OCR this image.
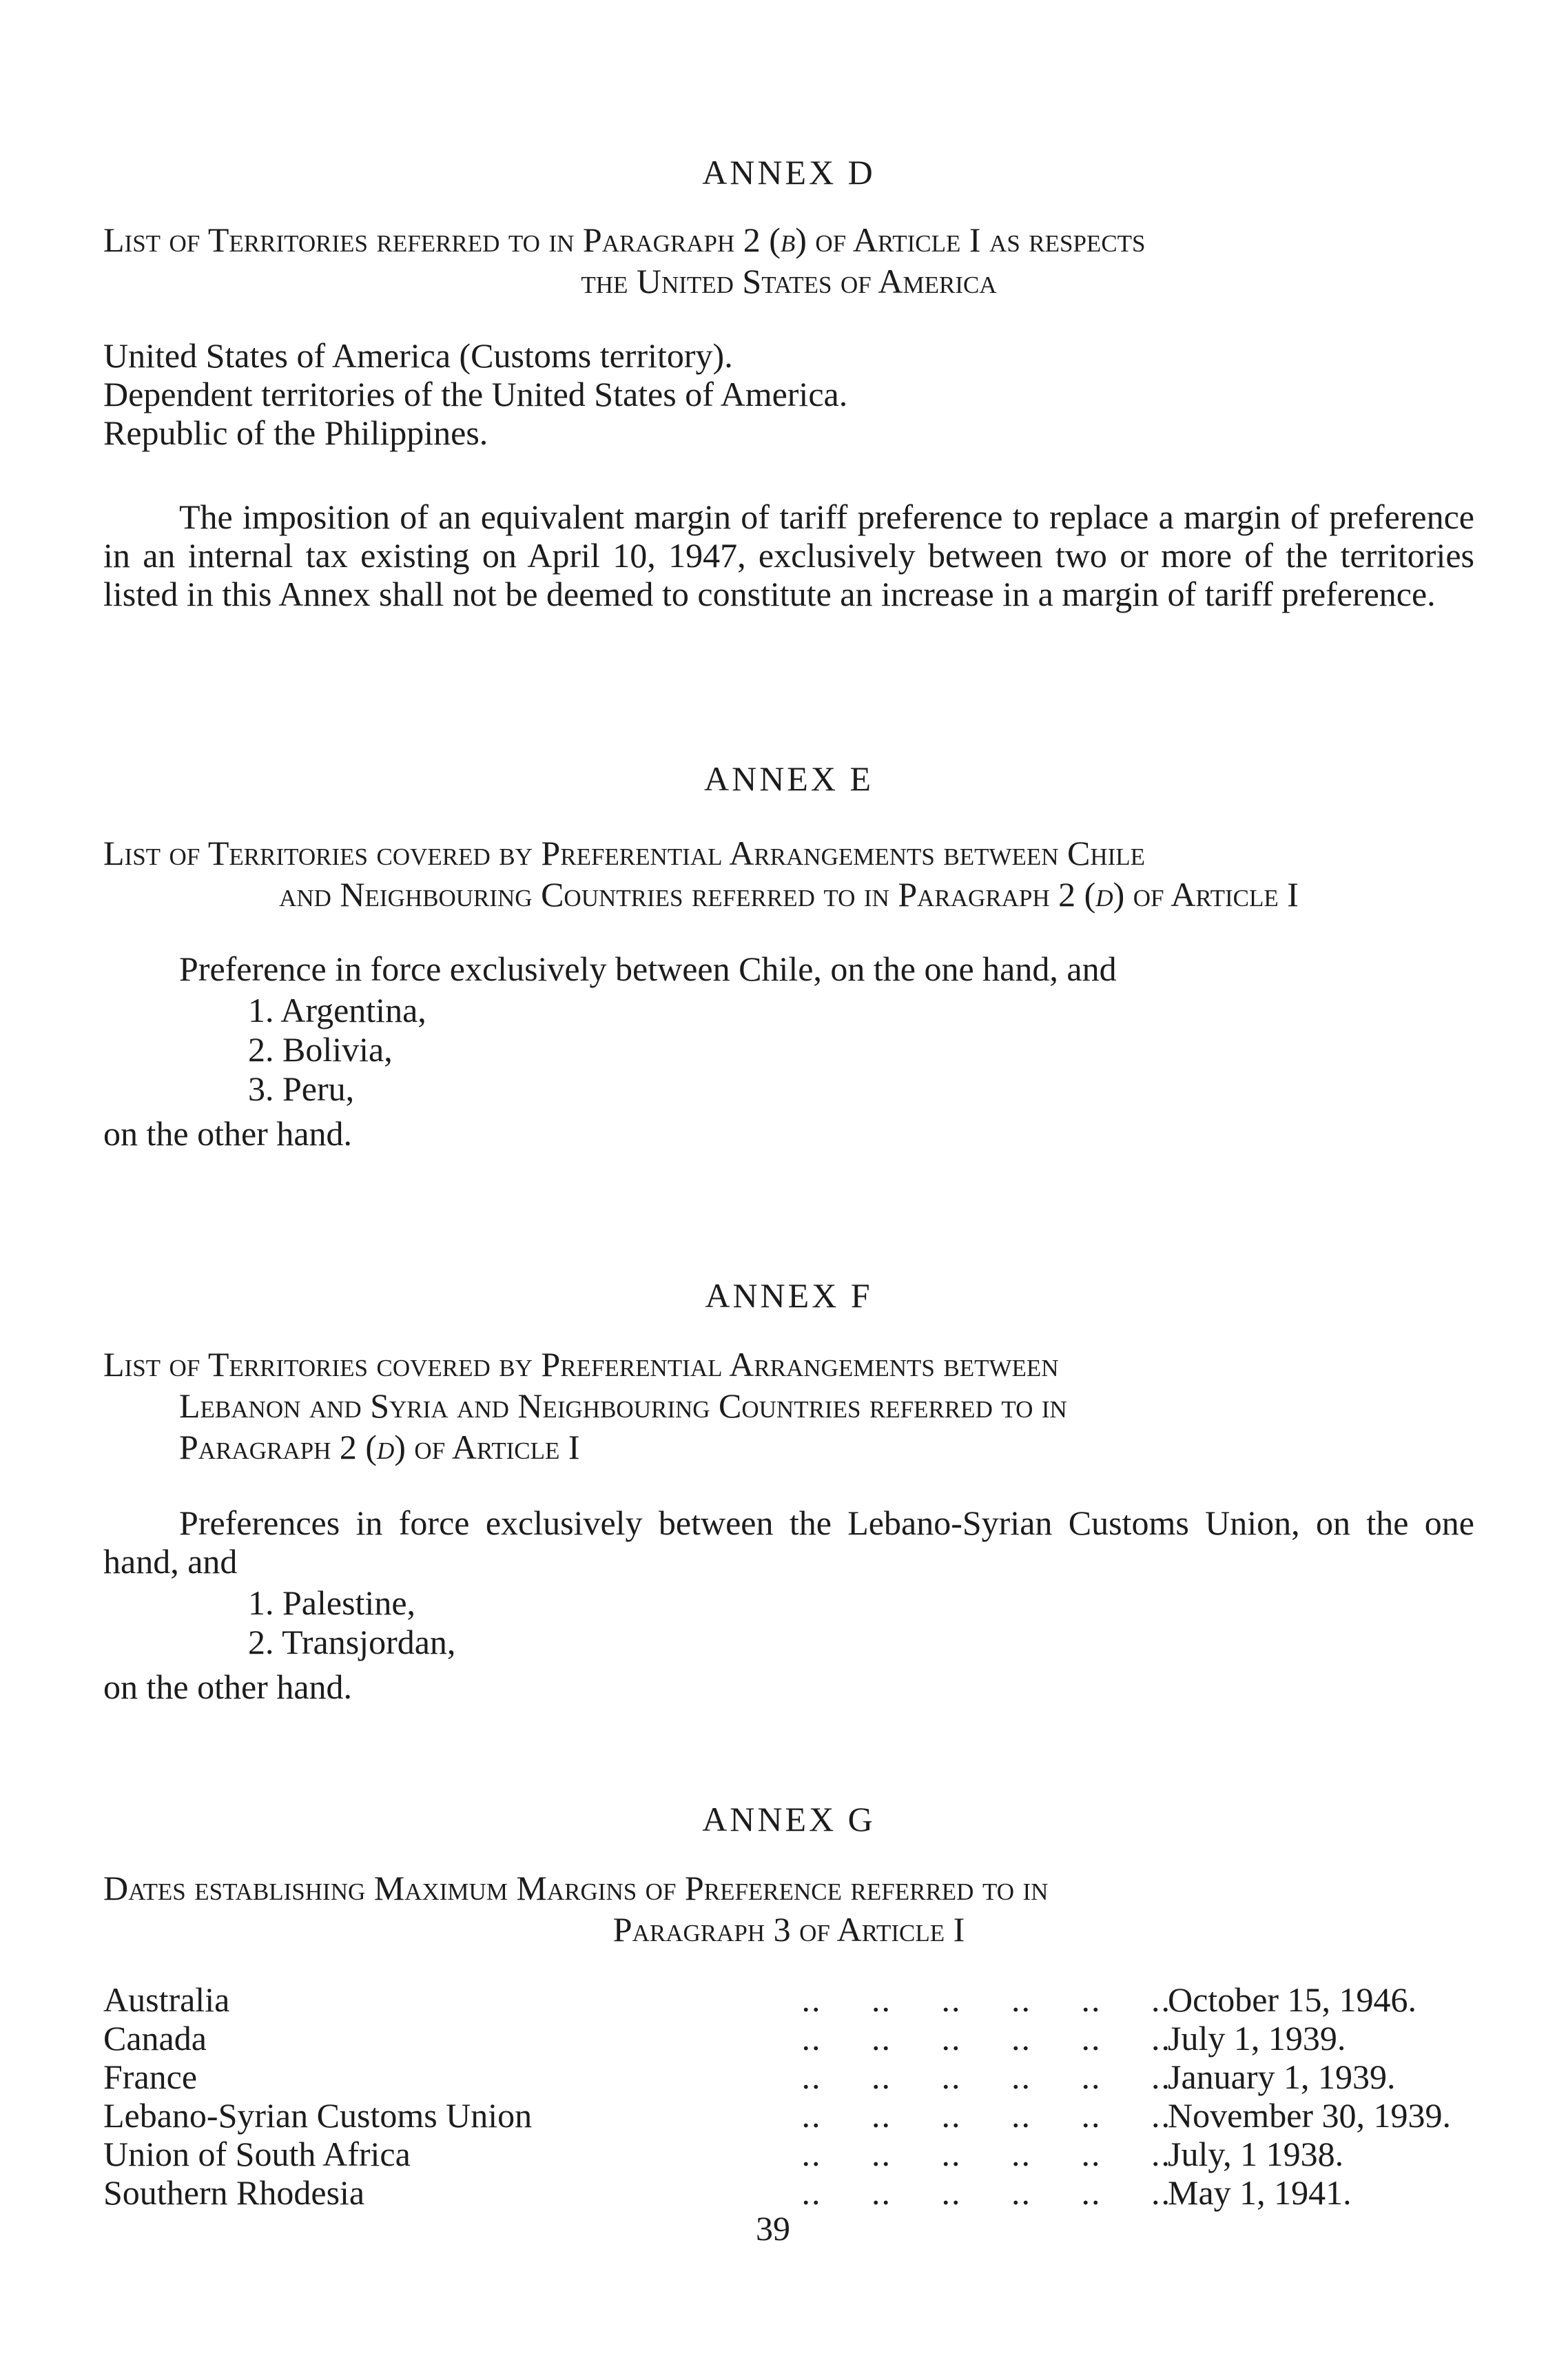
ANNEX D

List of Territories referred to in Paragraph 2 (b) of Article I as respects

the United States of America

United States of America (Customs territory).

Dependent territories of the United States of America.

Republic of the Philippines.

The imposition of an equivalent margin of tariff preference to replace a margin of preference in an internal tax existing on April 10, 1947, exclusively between two or more of the territories listed in this Annex shall not be deemed to constitute an increase in a margin of tariff preference.

ANNEX E

List of Territories covered by Preferential Arrangements between Chile

and Neighbouring Countries referred to in Paragraph 2 (d) of Article I

Preference in force exclusively between Chile, on the one hand, and

1. Argentina,

2. Bolivia,

3. Peru,

on the other hand.

ANNEX F

List of Territories covered by Preferential Arrangements between

Lebanon and Syria and Neighbouring Countries referred to in

Paragraph 2 (d) of Article I

Preferences in force exclusively between the Lebano-Syrian Customs Union, on the one hand, and

1. Palestine,

2. Transjordan,

on the other hand.

ANNEX G

Dates establishing Maximum Margins of Preference referred to in

Paragraph 3 of Article I

..     ..     ..     ..     ..     ..
Australia	October 15, 1946.
..     ..     ..     ..     ..     ..
Canada	July 1, 1939.
..     ..     ..     ..     ..     ..
France	January 1, 1939.
..     ..     ..     ..     ..     ..
Lebano-Syrian Customs Union	November 30, 1939.
..     ..     ..     ..     ..     ..
Union of South Africa	July, 1 1938.
..     ..     ..     ..     ..     ..
Southern Rhodesia	May 1, 1941.
39
